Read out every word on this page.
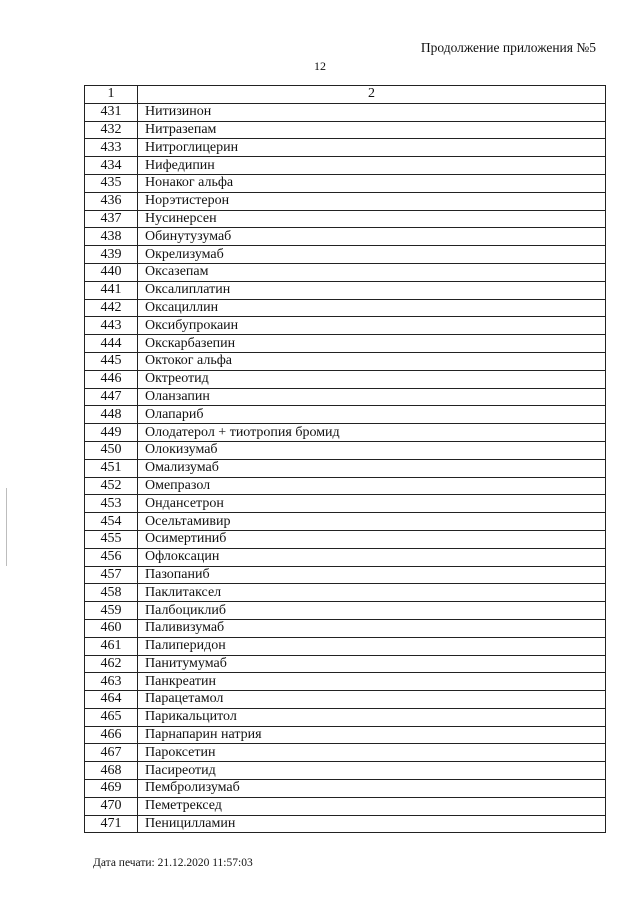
Продолжение приложения №5
12
1	2
431	Нитизинон
432	Нитразепам
433	Нитроглицерин
434	Нифедипин
435	Нонаког альфа
436	Норэтистерон
437	Нусинерсен
438	Обинутузумаб
439	Окрелизумаб
440	Оксазепам
441	Оксалиплатин
442	Оксациллин
443	Оксибупрокаин
444	Окскарбазепин
445	Октоког альфа
446	Октреотид
447	Оланзапин
448	Олапариб
449	Олодатерол + тиотропия бромид
450	Олокизумаб
451	Омализумаб
452	Омепразол
453	Ондансетрон
454	Осельтамивир
455	Осимертиниб
456	Офлоксацин
457	Пазопаниб
458	Паклитаксел
459	Палбоциклиб
460	Паливизумаб
461	Палиперидон
462	Панитумумаб
463	Панкреатин
464	Парацетамол
465	Парикальцитол
466	Парнапарин натрия
467	Пароксетин
468	Пасиреотид
469	Пембролизумаб
470	Пеметрексед
471	Пеницилламин
Дата печати: 21.12.2020 11:57:03
